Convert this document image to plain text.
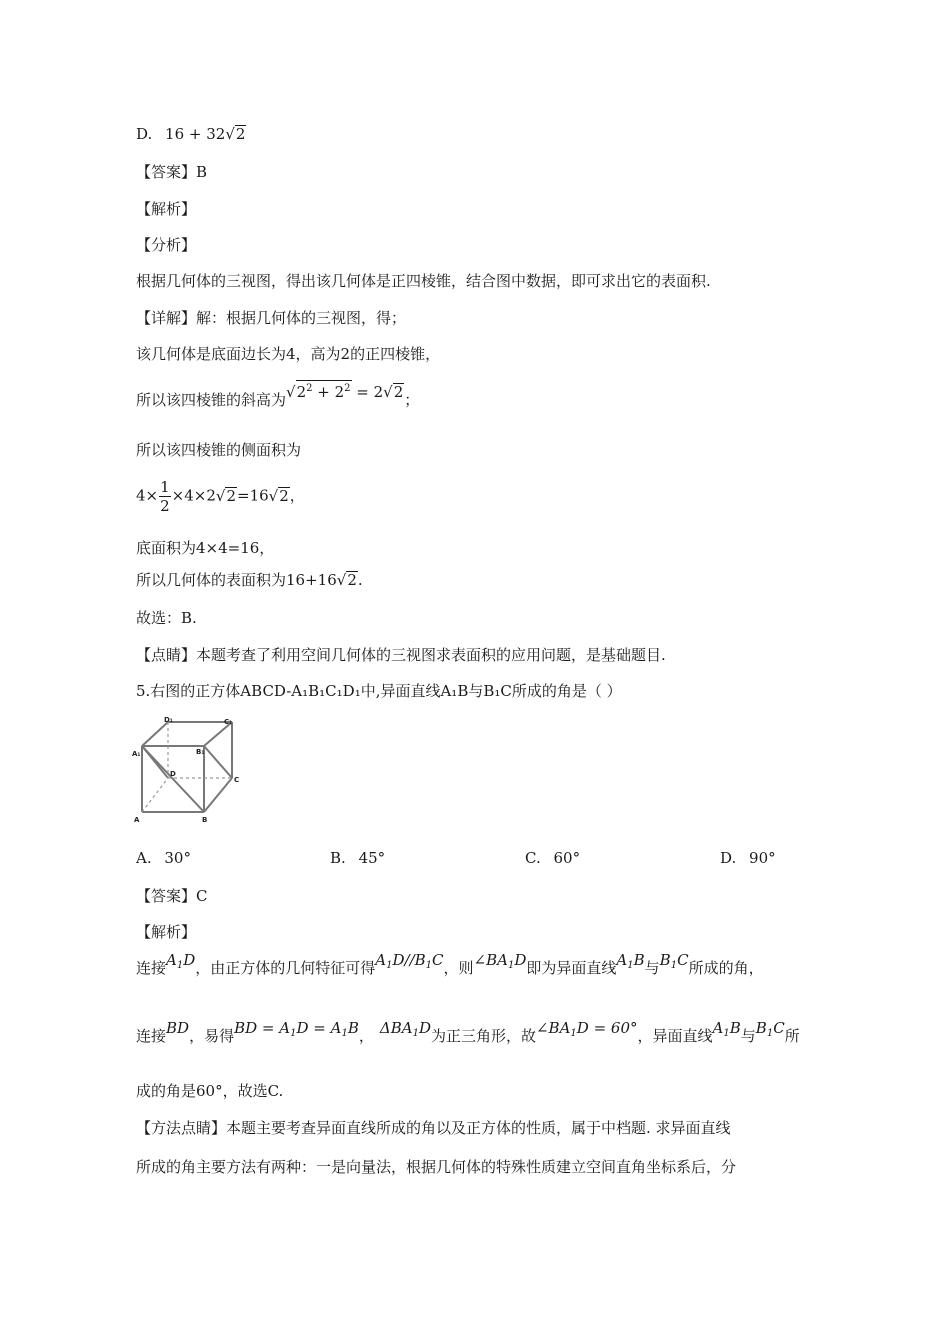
D. 16 + 32√2
【答案】B
【解析】
【分析】
根据几何体的三视图，得出该几何体是正四棱锥，结合图中数据，即可求出它的表面积.
【详解】解：根据几何体的三视图，得；
该几何体是底面边长为4，高为2的正四棱锥，
所以该四棱锥的斜高为$√2^2 + 2^2 = 2√2$；
所以该四棱锥的侧面积为
$4\times \frac{1}{2} \times 4\times 2√2=16√2$，
底面积为4×4=16，
所以几何体的表面积为16+16√2.
故选：B.
【点睛】本题考查了利用空间几何体的三视图求表面积的应用问题，是基础题目.
5.右图的正方体ABCD-A₁B₁C₁D₁中,异面直线A₁B与B₁C所成的角是（ ）
A	B
C
D
A₁	B₁
C₁
D₁
A. 30°	B. 45°	C. 60°	D. 90°
【答案】C
【解析】
连接$A_1D$，由正方体的几何特征可得$A_1D//B_1C$，则$\angle BA_1D$即为异面直线$A_1B$与$B_1C$所成的角，
连接BD，易得BD = $A_1D = A_1B$， $\Delta BA_1D$为正三角形，故$\angle BA_1D = 60^\circ$，异面直线$A_1B$与$B_1C$所
成的角是60°，故选C.
【方法点睛】本题主要考查异面直线所成的角以及正方体的性质，属于中档题. 求异面直线
所成的角主要方法有两种：一是向量法，根据几何体的特殊性质建立空间直角坐标系后，分
